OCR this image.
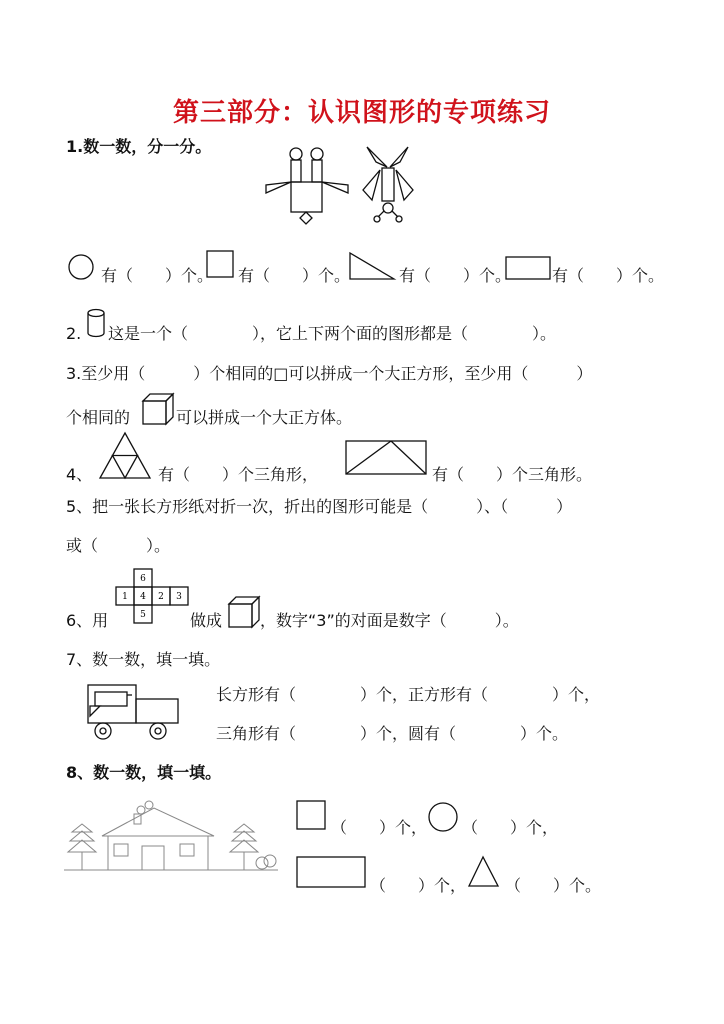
第三部分：认识图形的专项练习
1.数一数，分一分。
有（　　）个。 有（　　）个。	有（　　）个。	有（　　）个。
2. 这是一个（　　　　），它上下两个面的图形都是（　　　　）。
3.至少用（　　　）个相同的□可以拼成一个大正方形，至少用（　　　）
个相同的	可以拼成一个大正方体。
4、	有（　　）个三角形，	有（　　）个三角形。
5、把一张长方形纸对折一次，折出的图形可能是（　　　）、（　　　）
或（　　　）。
6、用
6
1 4 2 3
5	做成 ，数字“3”的对面是数字（　　　）。
7、数一数，填一填。
长方形有（　　　　）个，正方形有（　　　　）个，
三角形有（　　　　）个，圆有（　　　　）个。
8、数一数，填一填。
（　　）个， （　　）个，
（　　）个， （　　）个。
